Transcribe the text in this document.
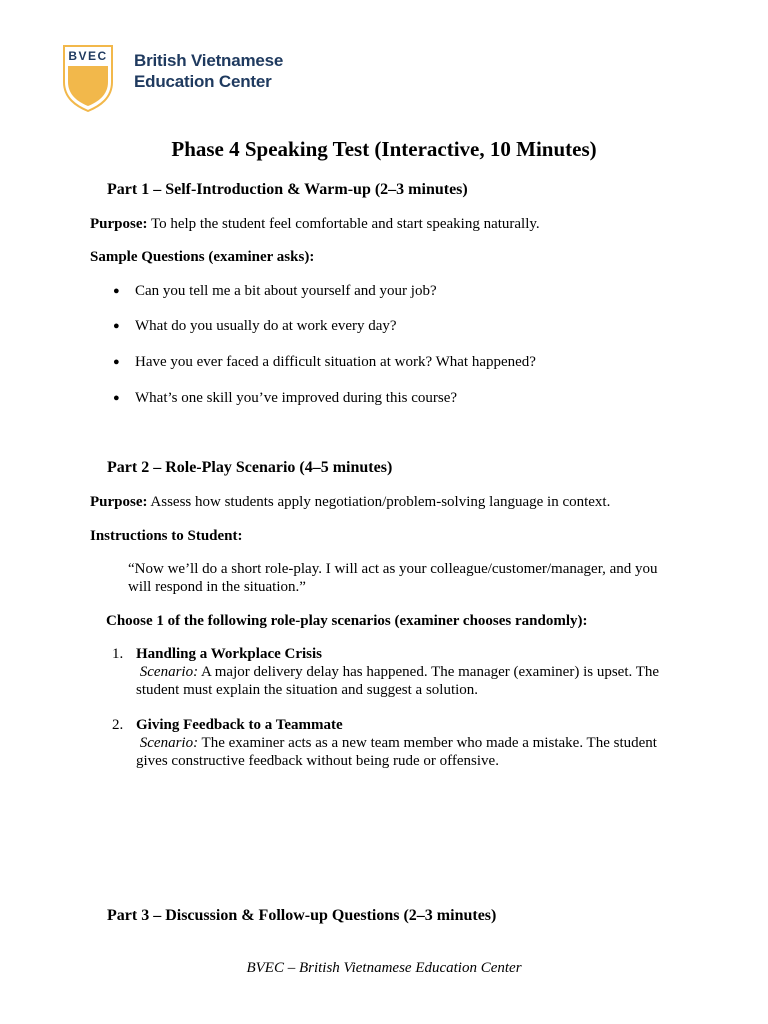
BVEC British Vietnamese
Education Center
Phase 4 Speaking Test (Interactive, 10 Minutes)
Part 1 – Self-Introduction & Warm-up (2–3 minutes)
Purpose: To help the student feel comfortable and start speaking naturally.
Sample Questions (examiner asks):
● Can you tell me a bit about yourself and your job?
● What do you usually do at work every day?
● Have you ever faced a difficult situation at work? What happened?
● What’s one skill you’ve improved during this course?
Part 2 – Role-Play Scenario (4–5 minutes)
Purpose: Assess how students apply negotiation/problem-solving language in context.
Instructions to Student:
“Now we’ll do a short role-play. I will act as your colleague/customer/manager, and you will respond in the situation.”
Choose 1 of the following role-play scenarios (examiner chooses randomly):
1. Handling a Workplace Crisis
Scenario: A major delivery delay has happened. The manager (examiner) is upset. The student must explain the situation and suggest a solution.
2. Giving Feedback to a Teammate
Scenario: The examiner acts as a new team member who made a mistake. The student gives constructive feedback without being rude or offensive.
Part 3 – Discussion & Follow-up Questions (2–3 minutes)
BVEC – British Vietnamese Education Center
